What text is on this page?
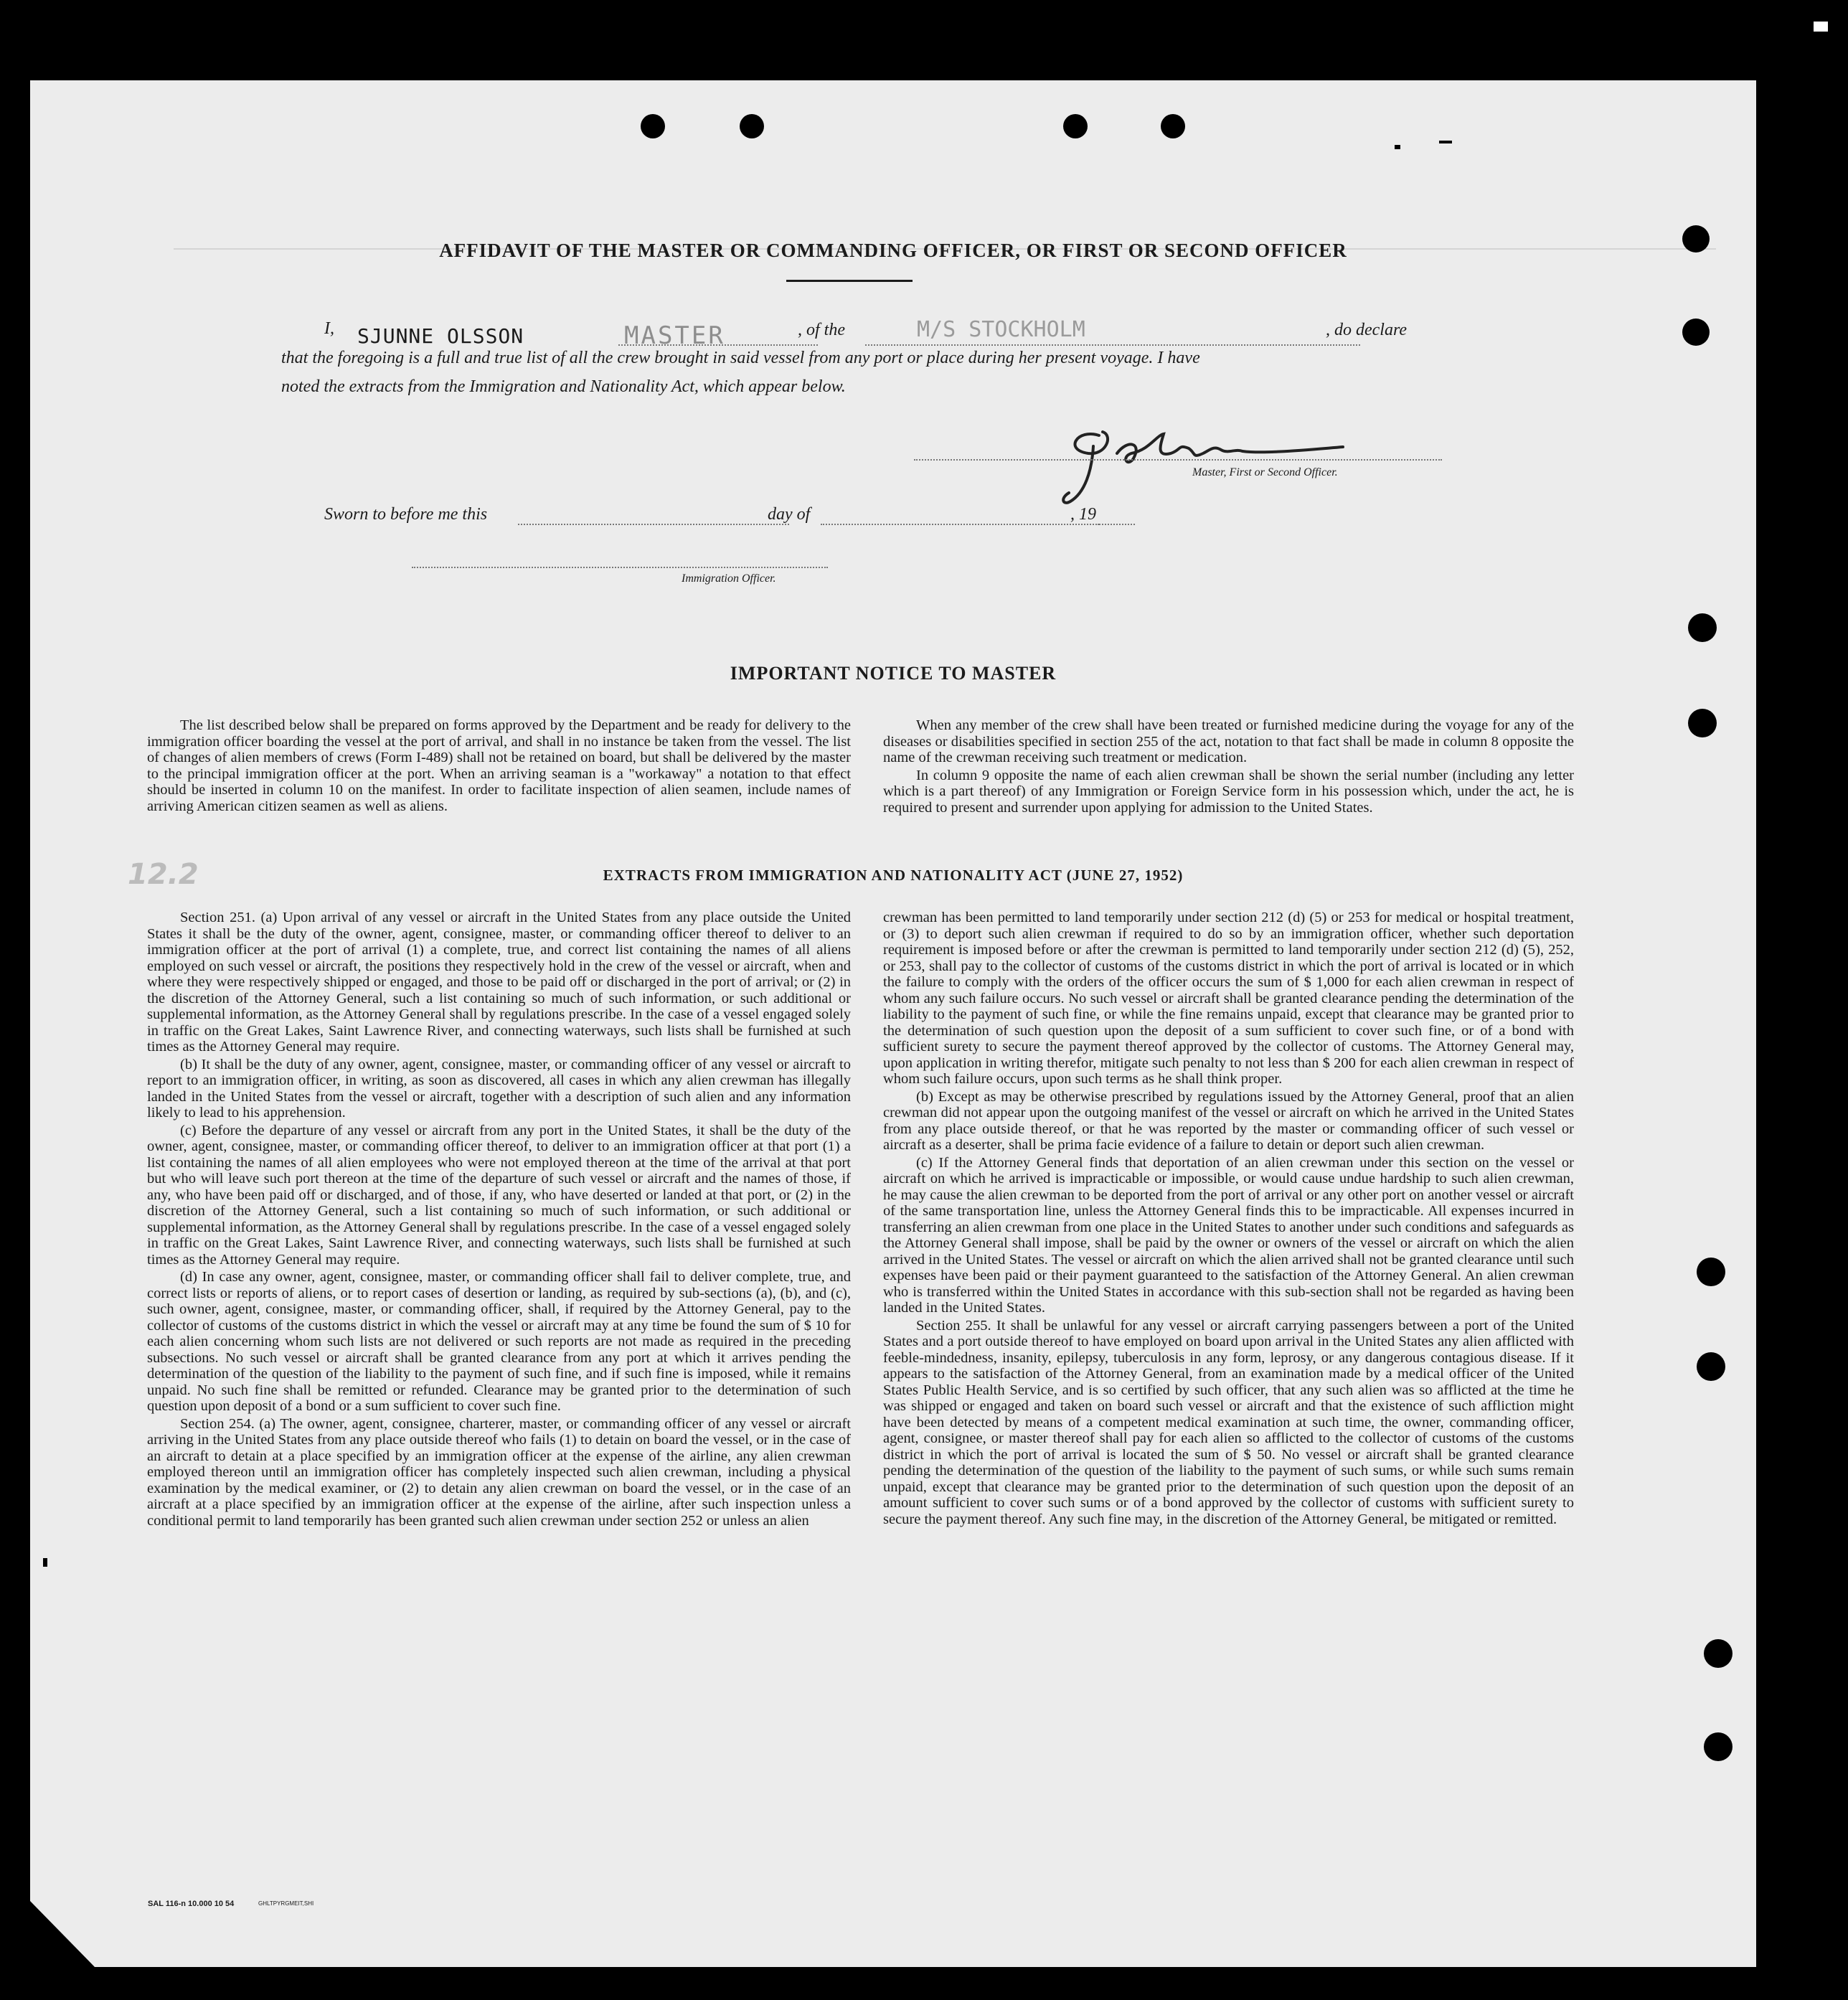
AFFIDAVIT OF THE MASTER OR COMMANDING OFFICER, OR FIRST OR SECOND OFFICER
I, SJUNNE OLSSON	MASTER	, of the	M/S STOCKHOLM	, do declare
that the foregoing is a full and true list of all the crew brought in said vessel from any port or place during her present voyage. I have
noted the extracts from the Immigration and Nationality Act, which appear below.
Master, First or Second Officer.
Sworn to before me this	day of	, 19
Immigration Officer.
IMPORTANT NOTICE TO MASTER

The list described below shall be prepared on forms approved by the Department and be ready for delivery to the immigration officer boarding the vessel at the port of arrival, and shall in no instance be taken from the vessel. The list of changes of alien members of crews (Form I-489) shall not be retained on board, but shall be delivered by the master to the principal immigration officer at the port. When an arriving seaman is a "workaway" a notation to that effect should be inserted in column 10 on the manifest. In order to facilitate inspection of alien seamen, include names of arriving American citizen seamen as well as aliens.

When any member of the crew shall have been treated or furnished medicine during the voyage for any of the diseases or disabilities specified in section 255 of the act, notation to that fact shall be made in column 8 opposite the name of the crewman receiving such treatment or medication.

In column 9 opposite the name of each alien crewman shall be shown the serial number (including any letter which is a part thereof) of any Immigration or Foreign Service form in his possession which, under the act, he is required to present and surrender upon applying for admission to the United States.

12.2	EXTRACTS FROM IMMIGRATION AND NATIONALITY ACT (JUNE 27, 1952)

Section 251. (a) Upon arrival of any vessel or aircraft in the United States from any place outside the United States it shall be the duty of the owner, agent, consignee, master, or commanding officer thereof to deliver to an immigration officer at the port of arrival (1) a complete, true, and correct list containing the names of all aliens employed on such vessel or aircraft, the positions they respectively hold in the crew of the vessel or aircraft, when and where they were respectively shipped or engaged, and those to be paid off or discharged in the port of arrival; or (2) in the discretion of the Attorney General, such a list containing so much of such information, or such additional or supplemental information, as the Attorney General shall by regulations prescribe. In the case of a vessel engaged solely in traffic on the Great Lakes, Saint Lawrence River, and connecting waterways, such lists shall be furnished at such times as the Attorney General may require.

(b) It shall be the duty of any owner, agent, consignee, master, or commanding officer of any vessel or aircraft to report to an immigration officer, in writing, as soon as discovered, all cases in which any alien crewman has illegally landed in the United States from the vessel or aircraft, together with a description of such alien and any information likely to lead to his apprehension.

(c) Before the departure of any vessel or aircraft from any port in the United States, it shall be the duty of the owner, agent, consignee, master, or commanding officer thereof, to deliver to an immigration officer at that port (1) a list containing the names of all alien employees who were not employed thereon at the time of the arrival at that port but who will leave such port thereon at the time of the departure of such vessel or aircraft and the names of those, if any, who have been paid off or discharged, and of those, if any, who have deserted or landed at that port, or (2) in the discretion of the Attorney General, such a list containing so much of such information, or such additional or supplemental information, as the Attorney General shall by regulations prescribe. In the case of a vessel engaged solely in traffic on the Great Lakes, Saint Lawrence River, and connecting waterways, such lists shall be furnished at such times as the Attorney General may require.

(d) In case any owner, agent, consignee, master, or commanding officer shall fail to deliver complete, true, and correct lists or reports of aliens, or to report cases of desertion or landing, as required by sub-sections (a), (b), and (c), such owner, agent, consignee, master, or commanding officer, shall, if required by the Attorney General, pay to the collector of customs of the customs district in which the vessel or aircraft may at any time be found the sum of $ 10 for each alien concerning whom such lists are not delivered or such reports are not made as required in the preceding subsections. No such vessel or aircraft shall be granted clearance from any port at which it arrives pending the determination of the question of the liability to the payment of such fine, and if such fine is imposed, while it remains unpaid. No such fine shall be remitted or refunded. Clearance may be granted prior to the determination of such question upon deposit of a bond or a sum sufficient to cover such fine.

Section 254. (a) The owner, agent, consignee, charterer, master, or commanding officer of any vessel or aircraft arriving in the United States from any place outside thereof who fails (1) to detain on board the vessel, or in the case of an aircraft to detain at a place specified by an immigration officer at the expense of the airline, any alien crewman employed thereon until an immigration officer has completely inspected such alien crewman, including a physical examination by the medical examiner, or (2) to detain any alien crewman on board the vessel, or in the case of an aircraft at a place specified by an immigration officer at the expense of the airline, after such inspection unless a conditional permit to land temporarily has been granted such alien crewman under section 252 or unless an alien

crewman has been permitted to land temporarily under section 212 (d) (5) or 253 for medical or hospital treatment, or (3) to deport such alien crewman if required to do so by an immigration officer, whether such deportation requirement is imposed before or after the crewman is permitted to land temporarily under section 212 (d) (5), 252, or 253, shall pay to the collector of customs of the customs district in which the port of arrival is located or in which the failure to comply with the orders of the officer occurs the sum of $ 1,000 for each alien crewman in respect of whom any such failure occurs. No such vessel or aircraft shall be granted clearance pending the determination of the liability to the payment of such fine, or while the fine remains unpaid, except that clearance may be granted prior to the determination of such question upon the deposit of a sum sufficient to cover such fine, or of a bond with sufficient surety to secure the payment thereof approved by the collector of customs. The Attorney General may, upon application in writing therefor, mitigate such penalty to not less than $ 200 for each alien crewman in respect of whom such failure occurs, upon such terms as he shall think proper.

(b) Except as may be otherwise prescribed by regulations issued by the Attorney General, proof that an alien crewman did not appear upon the outgoing manifest of the vessel or aircraft on which he arrived in the United States from any place outside thereof, or that he was reported by the master or commanding officer of such vessel or aircraft as a deserter, shall be prima facie evidence of a failure to detain or deport such alien crewman.

(c) If the Attorney General finds that deportation of an alien crewman under this section on the vessel or aircraft on which he arrived is impracticable or impossible, or would cause undue hardship to such alien crewman, he may cause the alien crewman to be deported from the port of arrival or any other port on another vessel or aircraft of the same transportation line, unless the Attorney General finds this to be impracticable. All expenses incurred in transferring an alien crewman from one place in the United States to another under such conditions and safeguards as the Attorney General shall impose, shall be paid by the owner or owners of the vessel or aircraft on which the alien arrived in the United States. The vessel or aircraft on which the alien arrived shall not be granted clearance until such expenses have been paid or their payment guaranteed to the satisfaction of the Attorney General. An alien crewman who is transferred within the United States in accordance with this sub-section shall not be regarded as having been landed in the United States.

Section 255. It shall be unlawful for any vessel or aircraft carrying passengers between a port of the United States and a port outside thereof to have employed on board upon arrival in the United States any alien afflicted with feeble-mindedness, insanity, epilepsy, tuberculosis in any form, leprosy, or any dangerous contagious disease. If it appears to the satisfaction of the Attorney General, from an examination made by a medical officer of the United States Public Health Service, and is so certified by such officer, that any such alien was so afflicted at the time he was shipped or engaged and taken on board such vessel or aircraft and that the existence of such affliction might have been detected by means of a competent medical examination at such time, the owner, commanding officer, agent, consignee, or master thereof shall pay for each alien so afflicted to the collector of customs of the customs district in which the port of arrival is located the sum of $ 50. No vessel or aircraft shall be granted clearance pending the determination of the question of the liability to the payment of such sums, or while such sums remain unpaid, except that clearance may be granted prior to the determination of such question upon the deposit of an amount sufficient to cover such sums or of a bond approved by the collector of customs with sufficient surety to secure the payment thereof. Any such fine may, in the discretion of the Attorney General, be mitigated or remitted.

SAL 116-n 10.000 10 54	GHLTPYRGMEIT,SHI
